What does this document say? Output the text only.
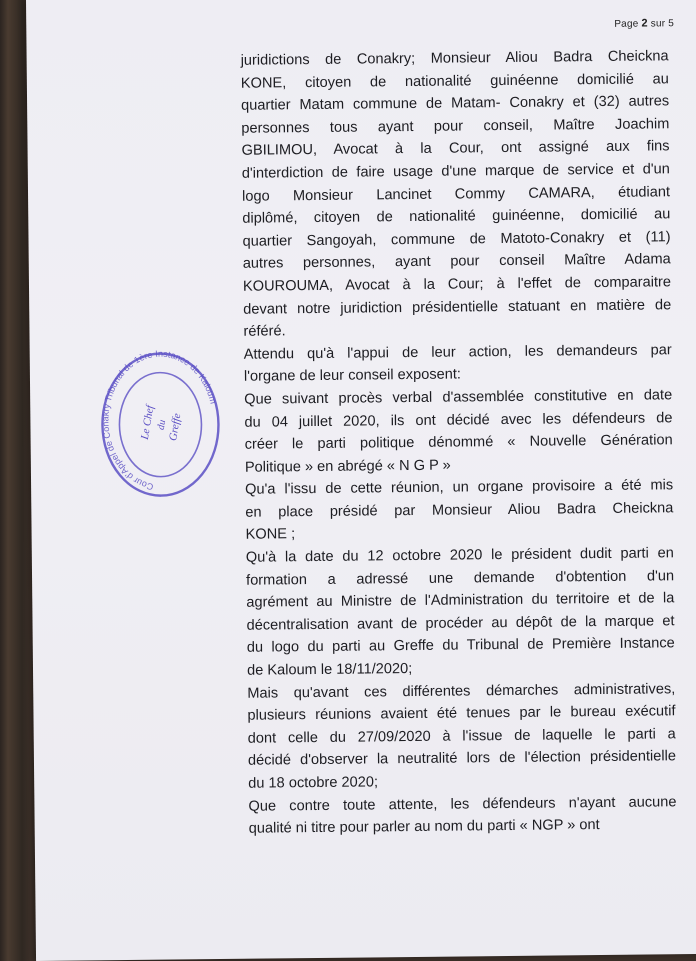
Page 2 sur 5
juridictions de Conakry; Monsieur Aliou Badra Cheickna
KONE, citoyen de nationalité guinéenne domicilié au
quartier Matam commune de Matam- Conakry et (32) autres
personnes tous ayant pour conseil, Maître Joachim
GBILIMOU, Avocat à la Cour, ont assigné aux fins
d'interdiction de faire usage d'une marque de service et d'un
logo Monsieur Lancinet Commy CAMARA, étudiant
diplômé, citoyen de nationalité guinéenne, domicilié au
quartier Sangoyah, commune de Matoto-Conakry et (11)
autres personnes, ayant pour conseil Maître Adama
KOUROUMA, Avocat à la Cour; à l'effet de comparaitre
devant notre juridiction présidentielle statuant en matière de
référé.
Attendu qu'à l'appui de leur action, les demandeurs par
l'organe de leur conseil exposent:
Que suivant procès verbal d'assemblée constitutive en date
du 04 juillet 2020, ils ont décidé avec les défendeurs de
créer le parti politique dénommé « Nouvelle Génération
Politique » en abrégé « N G P »
Qu'a l'issu de cette réunion, un organe provisoire a été mis
en place présidé par Monsieur Aliou Badra Cheickna
KONE ;
Qu'à la date du 12 octobre 2020 le président dudit parti en
formation a adressé une demande d'obtention d'un
agrément au Ministre de l'Administration du territoire et de la
décentralisation avant de procéder au dépôt de la marque et
du logo du parti au Greffe du Tribunal de Première Instance
de Kaloum le 18/11/2020;
Mais qu'avant ces différentes démarches administratives,
plusieurs réunions avaient été tenues par le bureau exécutif
dont celle du 27/09/2020 à l'issue de laquelle le parti a
décidé d'observer la neutralité lors de l'élection présidentielle
du 18 octobre 2020;
Que contre toute attente, les défendeurs n'ayant aucune
qualité ni titre pour parler au nom du parti « NGP » ont
Cour d'Appel de Conakry Tribunal de 1ère Instance de Kaloum
Le Chef du
Greffe
